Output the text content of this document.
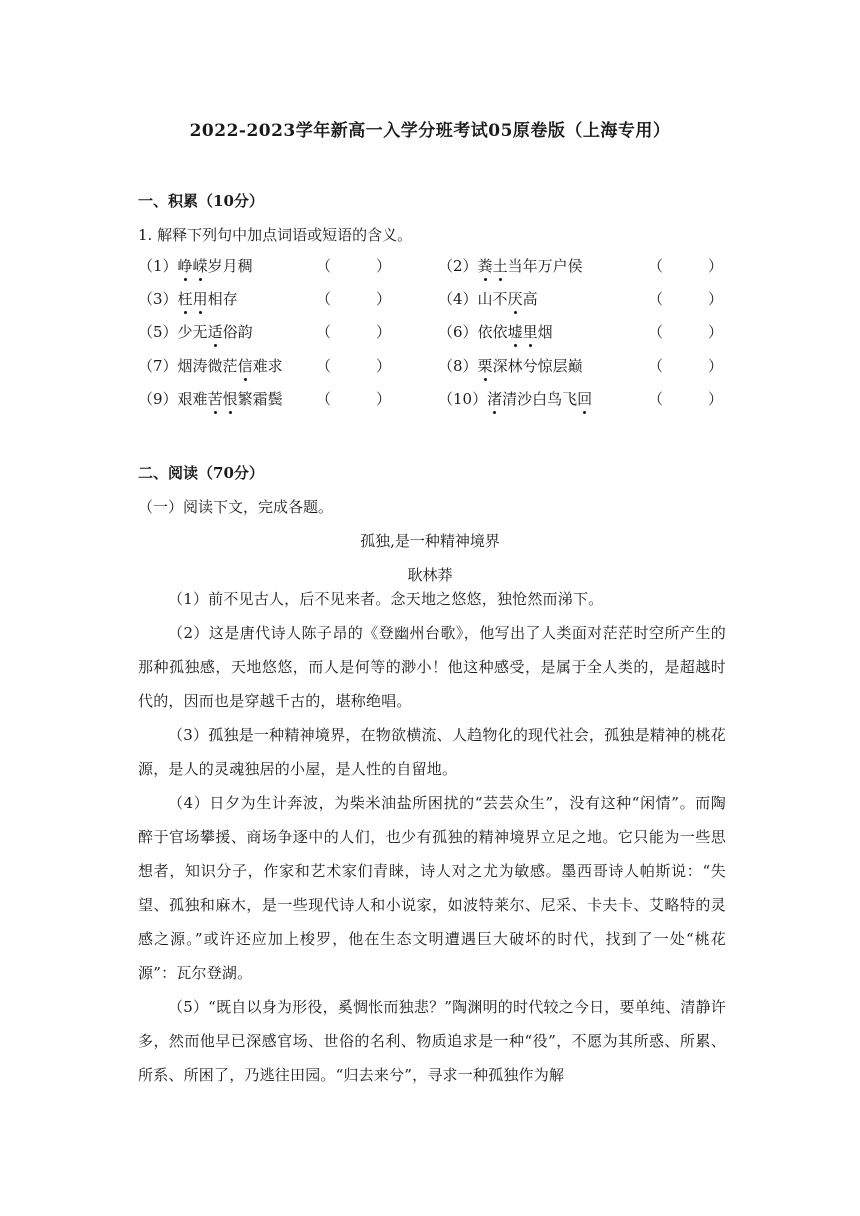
2022-2023学年新高一入学分班考试05原卷版（上海专用）
一、积累（10分）
1. 解释下列句中加点词语或短语的含义。
（1）峥嵘岁月稠	（　　　）	（2）粪土当年万户侯	（　　　）
（3）枉用相存	（　　　）	（4）山不厌高	（　　　）
（5）少无适俗韵	（　　　）	（6）依依墟里烟	（　　　）
（7）烟涛微茫信难求 （　　　）	（8）栗深林兮惊层巅	（　　　）
（9）艰难苦恨繁霜鬓 （　　　）	（10）渚清沙白鸟飞回	（　　　）
二、阅读（70分）
（一）阅读下文，完成各题。
孤独,是一种精神境界
耿林莽
（1）前不见古人，后不见来者。念天地之悠悠，独怆然而涕下。
（2）这是唐代诗人陈子昂的《登幽州台歌》，他写出了人类面对茫茫时空所产生的那种孤独感，天地悠悠，而人是何等的渺小！他这种感受，是属于全人类的，是超越时代的，因而也是穿越千古的，堪称绝唱。
（3）孤独是一种精神境界，在物欲横流、人趋物化的现代社会，孤独是精神的桃花源，是人的灵魂独居的小屋，是人性的自留地。
（4）日夕为生计奔波，为柴米油盐所困扰的“芸芸众生”，没有这种“闲情”。而陶醉于官场攀援、商场争逐中的人们，也少有孤独的精神境界立足之地。它只能为一些思想者，知识分子，作家和艺术家们青睐，诗人对之尤为敏感。墨西哥诗人帕斯说：“失望、孤独和麻木，是一些现代诗人和小说家，如波特莱尔、尼采、卡夫卡、艾略特的灵感之源。”或许还应加上梭罗，他在生态文明遭遇巨大破坏的时代，找到了一处“桃花源”：瓦尔登湖。
（5）“既自以身为形役，奚惆怅而独悲？”陶渊明的时代较之今日，要单纯、清静许多，然而他早已深感官场、世俗的名利、物质追求是一种“役”，不愿为其所惑、所累、所系、所困了，乃逃往田园。“归去来兮”，寻求一种孤独作为解
